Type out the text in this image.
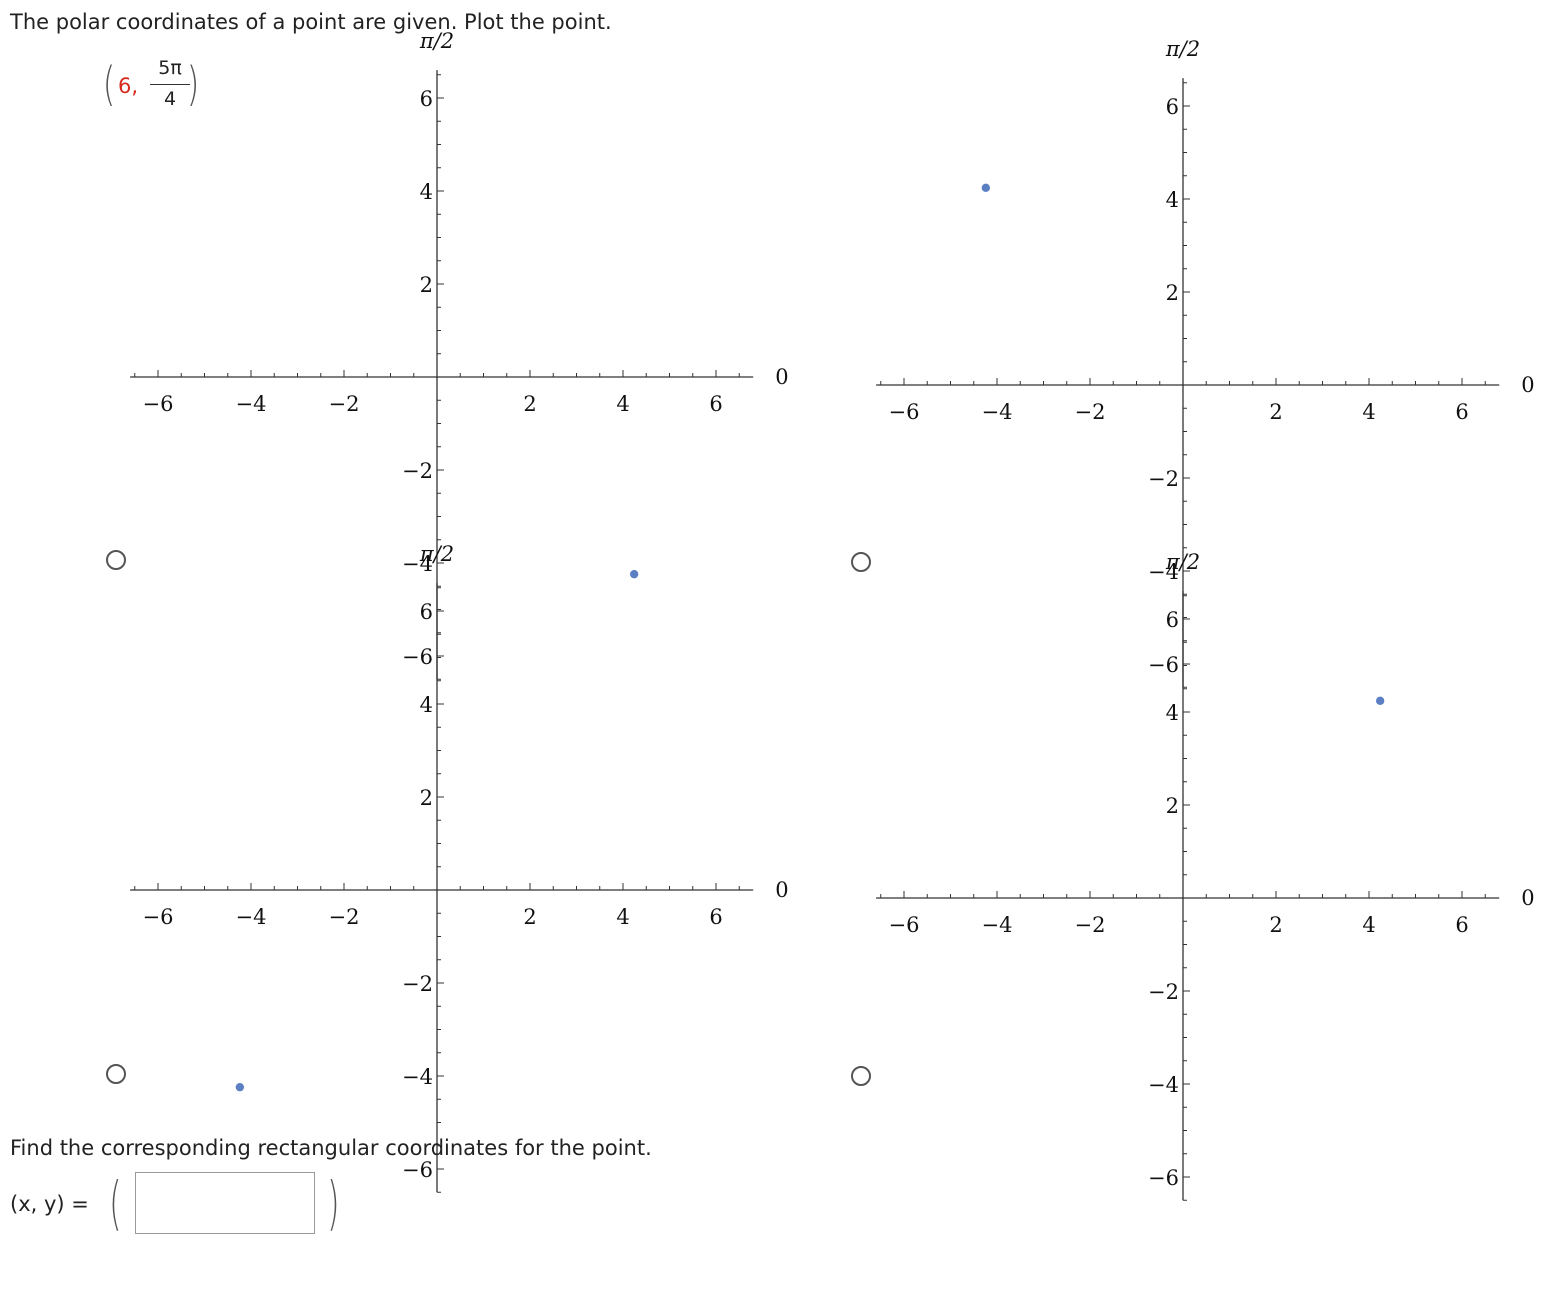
The polar coordinates of a point are given. Plot the point.
( 6,
5π
4 )
−6	−4	−2	2	4	6
6
4
2
−2
−4
−6
π/2
0
−6	−4	−2	2	4	6
6
4
2
−2
−4
−6
π/2
0
−6	−4	−2	2	4	6
6
4
2
−2
−4
−6
π/2
0
−6	−4	−2	2	4	6
6
4
2
−2
−4
−6
π/2
0
Find the corresponding rectangular coordinates for the point.
(x, y) = (	)
